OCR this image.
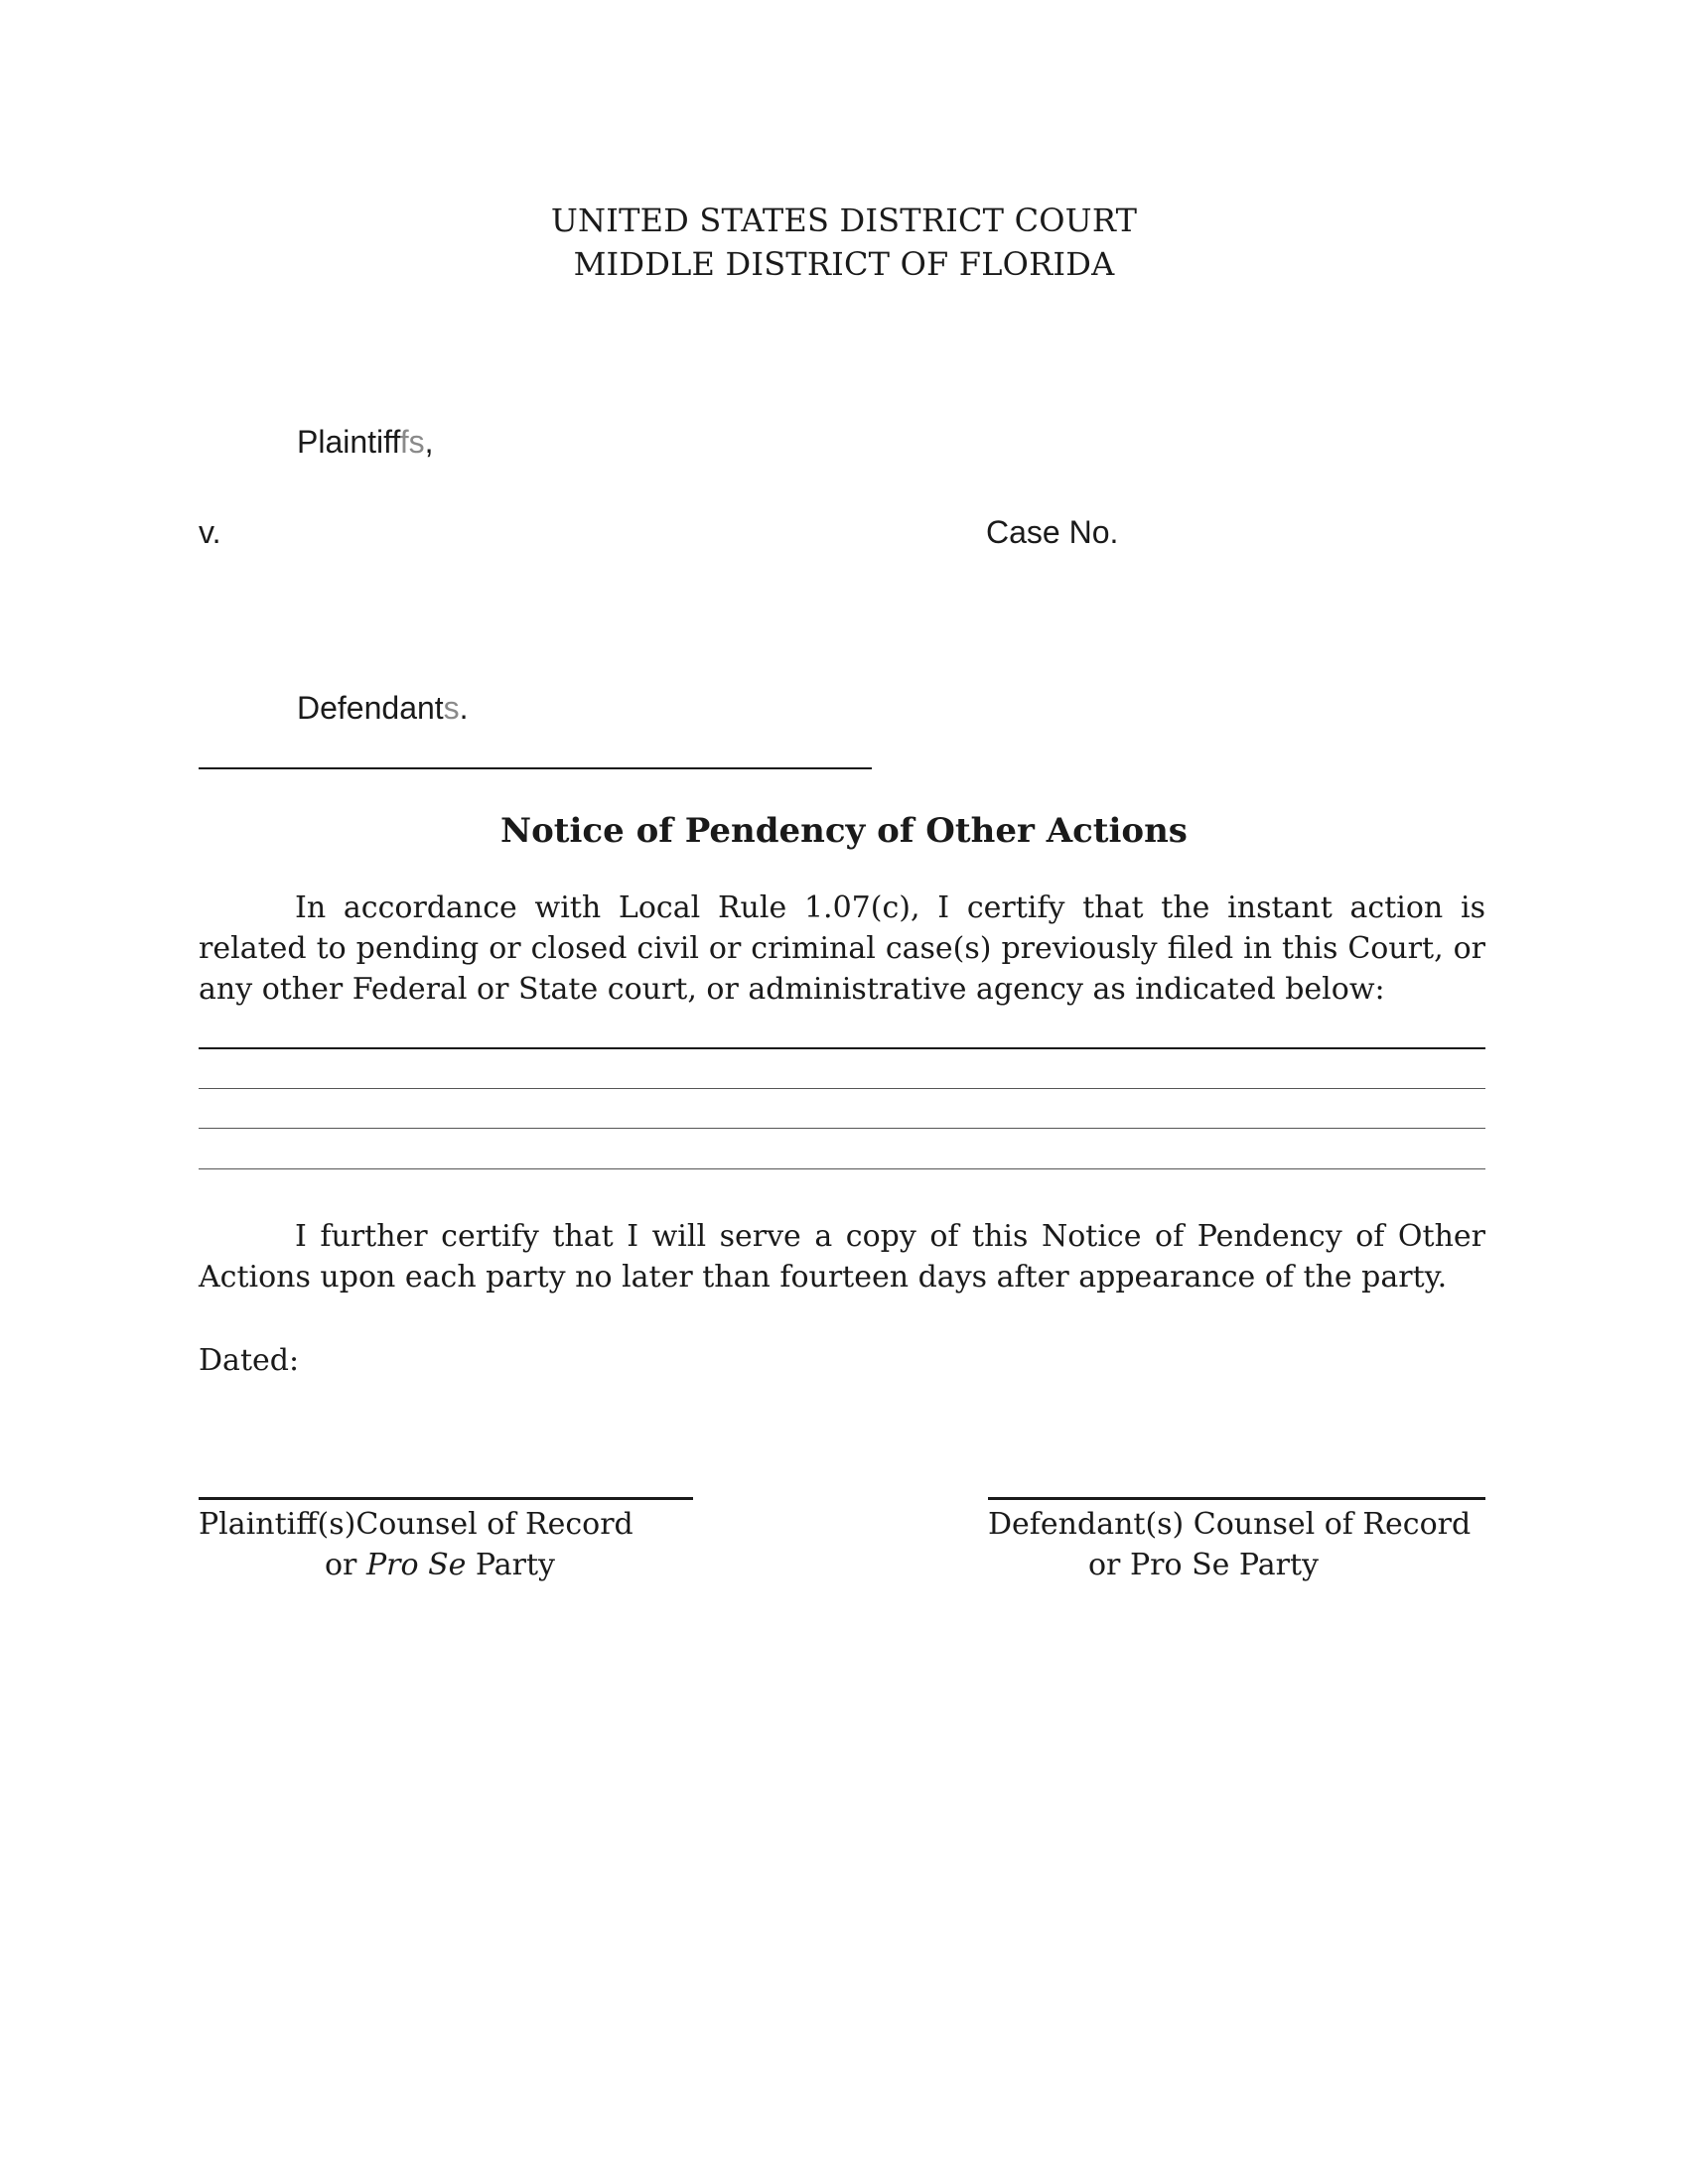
UNITED STATES DISTRICT COURT
MIDDLE DISTRICT OF FLORIDA
Plaintifffs,
v.	Case No.
Defendants.
Notice of Pendency of Other Actions
In accordance with Local Rule 1.07(c), I certify that the instant action is related to pending or closed civil or criminal case(s) previously filed in this Court, or any other Federal or State court, or administrative agency as indicated below:
I further certify that I will serve a copy of this Notice of Pendency of Other Actions upon each party no later than fourteen days after appearance of the party.
Dated:
Plaintiff(s)Counsel of Record
or Pro Se Party
Defendant(s) Counsel of Record
or Pro Se Party
